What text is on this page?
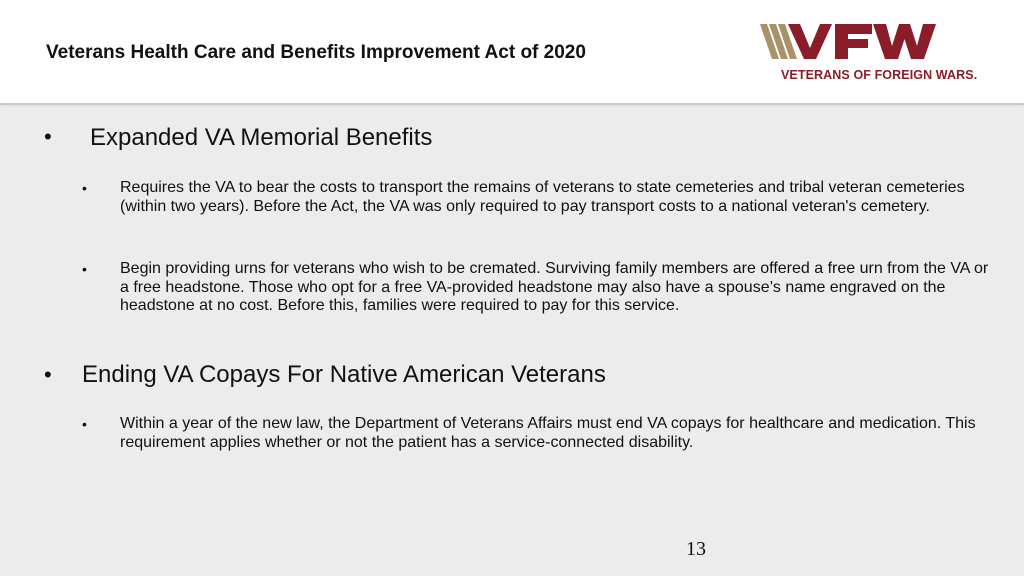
Veterans Health Care and Benefits Improvement Act of 2020	VFW
VETERANS OF FOREIGN WARS.
• Expanded VA Memorial Benefits
• Requires the VA to bear the costs to transport the remains of veterans to state cemeteries and tribal veteran cemeteries (within two years). Before the Act, the VA was only required to pay transport costs to a national veteran's cemetery.
• Begin providing urns for veterans who wish to be cremated. Surviving family members are offered a free urn from the VA or a free headstone. Those who opt for a free VA-provided headstone may also have a spouse’s name engraved on the headstone at no cost. Before this, families were required to pay for this service.
• Ending VA Copays For Native American Veterans
• Within a year of the new law, the Department of Veterans Affairs must end VA copays for healthcare and medication. This requirement applies whether or not the patient has a service-connected disability.
13
